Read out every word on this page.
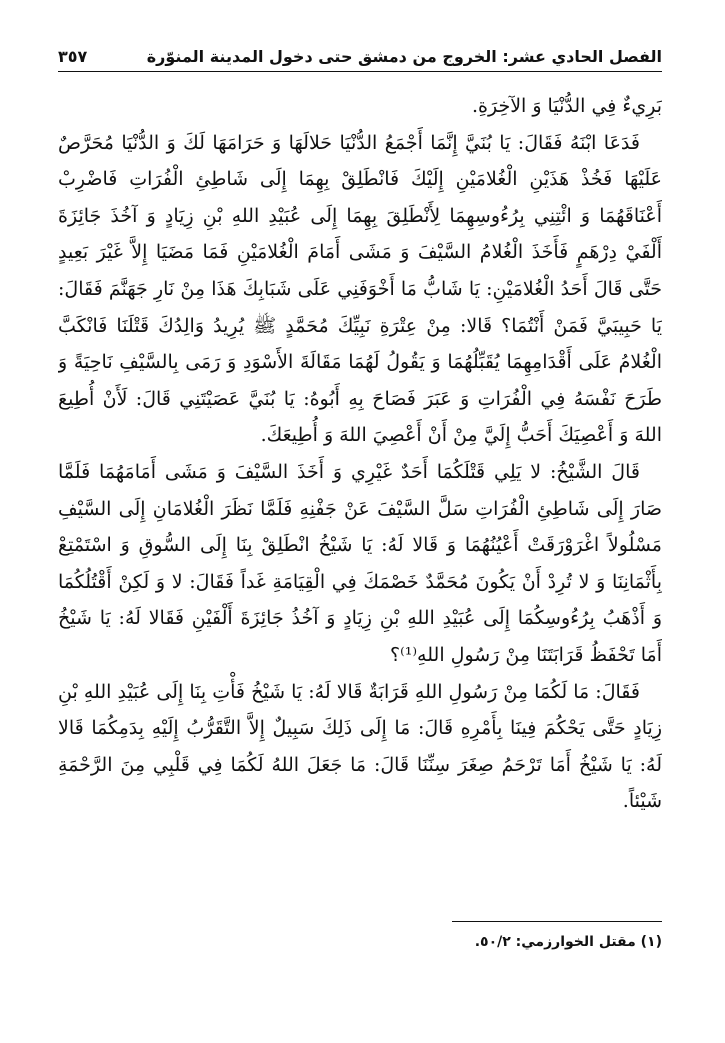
الفصل الحادي عشر: الخروج من دمشق حتى دخول المدينة المنوّرة
٣٥٧

بَرِيءٌ فِي الدُّنْيَا وَ الآخِرَةِ.

فَدَعَا ابْنَهُ فَقَالَ: يَا بُنَيَّ إِنَّمَا أَجْمَعُ الدُّنْيَا حَلالَهَا وَ حَرَامَهَا لَكَ وَ الدُّنْيَا مُحَرَّصٌ عَلَيْهَا فَخُذْ هَذَيْنِ الْغُلامَيْنِ إِلَيْكَ فَانْطَلِقْ بِهِمَا إِلَى شَاطِئِ الْفُرَاتِ فَاضْرِبْ أَعْنَاقَهُمَا وَ ائْتِنِي بِرُءُوسِهِمَا لِأَنْطَلِقَ بِهِمَا إِلَى عُبَيْدِ اللهِ بْنِ زِيَادٍ وَ آخُذَ جَائِزَةَ أَلْفَيْ دِرْهَمٍ فَأَخَذَ الْغُلامُ السَّيْفَ وَ مَشَى أَمَامَ الْغُلامَيْنِ فَمَا مَضَيَا إِلاَّ غَيْرَ بَعِيدٍ حَتَّى قَالَ أَحَدُ الْغُلامَيْنِ: يَا شَابُّ مَا أَخْوَفَنِي عَلَى شَبَابِكَ هَذَا مِنْ نَارِ جَهَنَّمَ فَقَالَ: يَا حَبِيبَيَّ فَمَنْ أَنْتُمَا؟ قَالا: مِنْ عِتْرَةِ نَبِيِّكَ مُحَمَّدٍ ﷺ يُرِيدُ وَالِدُكَ قَتْلَنَا فَانْكَبَّ الْغُلامُ عَلَى أَقْدَامِهِمَا يُقَبِّلُهُمَا وَ يَقُولُ لَهُمَا مَقَالَةَ الأَسْوَدِ وَ رَمَى بِالسَّيْفِ نَاحِيَةً وَ طَرَحَ نَفْسَهُ فِي الْفُرَاتِ وَ عَبَرَ فَصَاحَ بِهِ أَبُوهُ: يَا بُنَيَّ عَصَيْتَنِي قَالَ: لَأَنْ أُطِيعَ اللهَ وَ أَعْصِيَكَ أَحَبُّ إِلَيَّ مِنْ أَنْ أَعْصِيَ اللهَ وَ أُطِيعَكَ.

قَالَ الشَّيْخُ: لا يَلِي قَتْلَكُمَا أَحَدٌ غَيْرِي وَ أَخَذَ السَّيْفَ وَ مَشَى أَمَامَهُمَا فَلَمَّا صَارَ إِلَى شَاطِئِ الْفُرَاتِ سَلَّ السَّيْفَ عَنْ جَفْنِهِ فَلَمَّا نَظَرَ الْغُلامَانِ إِلَى السَّيْفِ مَسْلُولاً اغْرَوْرَقَتْ أَعْيُنُهُمَا وَ قَالا لَهُ: يَا شَيْخُ انْطَلِقْ بِنَا إِلَى السُّوقِ وَ اسْتَمْتِعْ بِأَثْمَانِنَا وَ لا تُرِدْ أَنْ يَكُونَ مُحَمَّدٌ خَصْمَكَ فِي الْقِيَامَةِ غَداً فَقَالَ: لا وَ لَكِنْ أَقْتُلُكُمَا وَ أَذْهَبُ بِرُءُوسِكُمَا إِلَى عُبَيْدِ اللهِ بْنِ زِيَادٍ وَ آخُذُ جَائِزَةَ أَلْفَيْنِ فَقَالا لَهُ: يَا شَيْخُ أَمَا تَحْفَظُ قَرَابَتَنَا مِنْ رَسُولِ اللهِ⁽¹⁾؟

فَقَالَ: مَا لَكُمَا مِنْ رَسُولِ اللهِ قَرَابَةٌ قَالا لَهُ: يَا شَيْخُ فَأْتِ بِنَا إِلَى عُبَيْدِ اللهِ بْنِ زِيَادٍ حَتَّى يَحْكُمَ فِينَا بِأَمْرِهِ قَالَ: مَا إِلَى ذَلِكَ سَبِيلٌ إِلاَّ التَّقَرُّبُ إِلَيْهِ بِدَمِكُمَا قَالا لَهُ: يَا شَيْخُ أَمَا تَرْحَمُ صِغَرَ سِنِّنَا قَالَ: مَا جَعَلَ اللهُ لَكُمَا فِي قَلْبِي مِنَ الرَّحْمَةِ شَيْئاً.

(١) مقتل الخوارزمي: ٥٠/٢.
